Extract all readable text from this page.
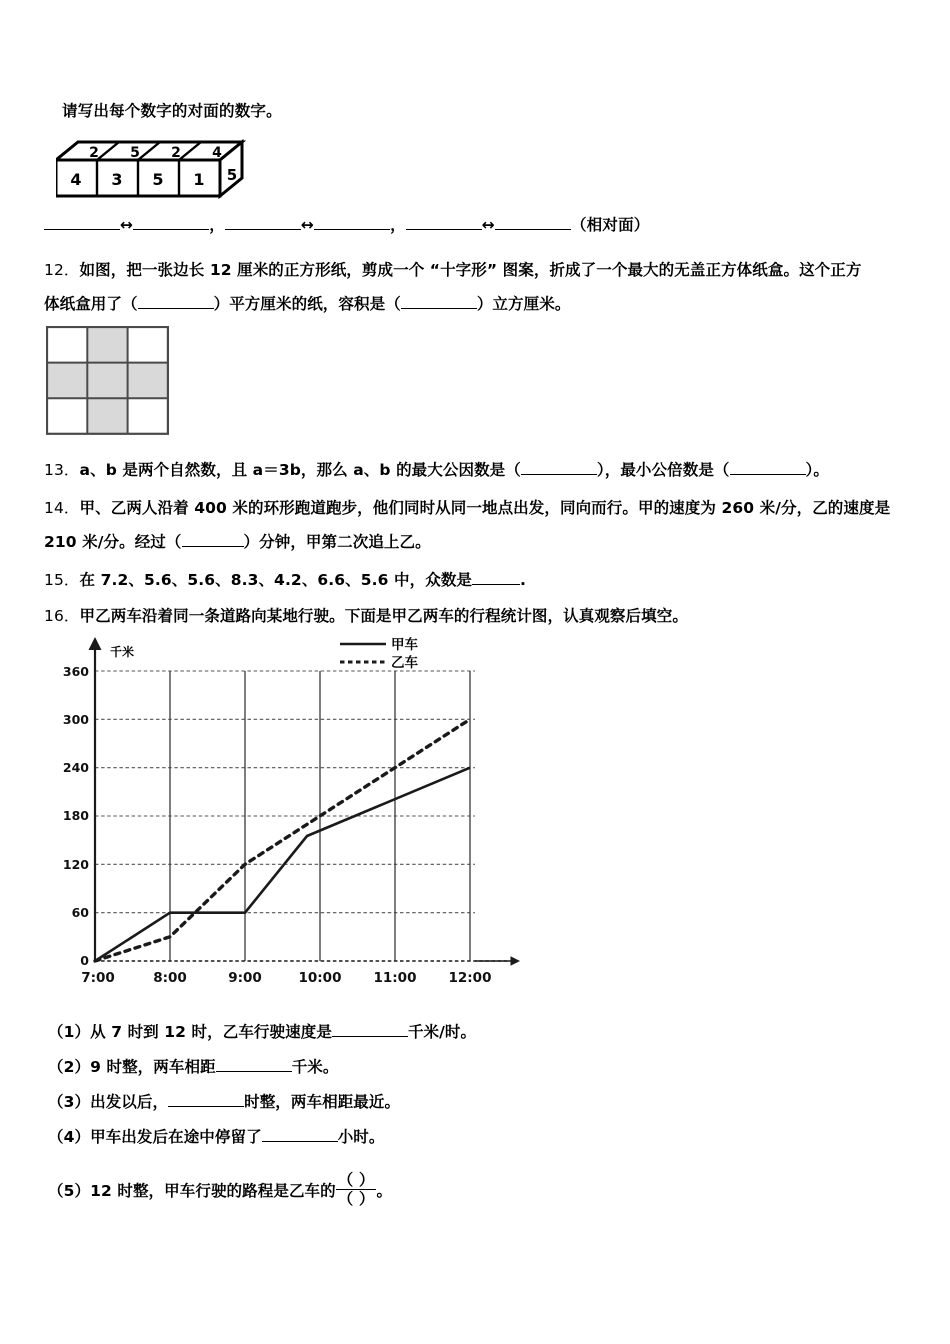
请写出每个数字的对面的数字。
2 5 2 4
4 3 5 1 5
↔	，	↔	，	↔	（相对面）
12．如图，把一张边长 12 厘米的正方形纸，剪成一个 “十字形” 图案，折成了一个最大的无盖正方体纸盒。这个正方
体纸盒用了（	）平方厘米的纸，容积是（	）立方厘米。
13．a、b 是两个自然数，且 a＝3b，那么 a、b 的最大公因数是（	），最小公倍数是（	）。
14．甲、乙两人沿着 400 米的环形跑道跑步，他们同时从同一地点出发，同向而行。甲的速度为 260 米/分，乙的速度是
210 米/分。经过（	）分钟，甲第二次追上乙。
15．在 7.2、5.6、5.6、8.3、4.2、6.6、5.6 中，众数是	.
16．甲乙两车沿着同一条道路向某地行驶。下面是甲乙两车的行程统计图，认真观察后填空。
千米
0
60
120
180
240
300
360
7:00	8:00	9:00	10:00 11:00 12:00
甲车
乙车
（1）从 7 时到 12 时，乙车行驶速度是	千米/时。
（2）9 时整，两车相距	千米。
（3）出发以后，	时整，两车相距最近。
（4）甲车出发后在途中停留了	小时。
（5）12 时整，甲车行驶的路程是乙车的 $\frac{( )}{( )}$ 。
